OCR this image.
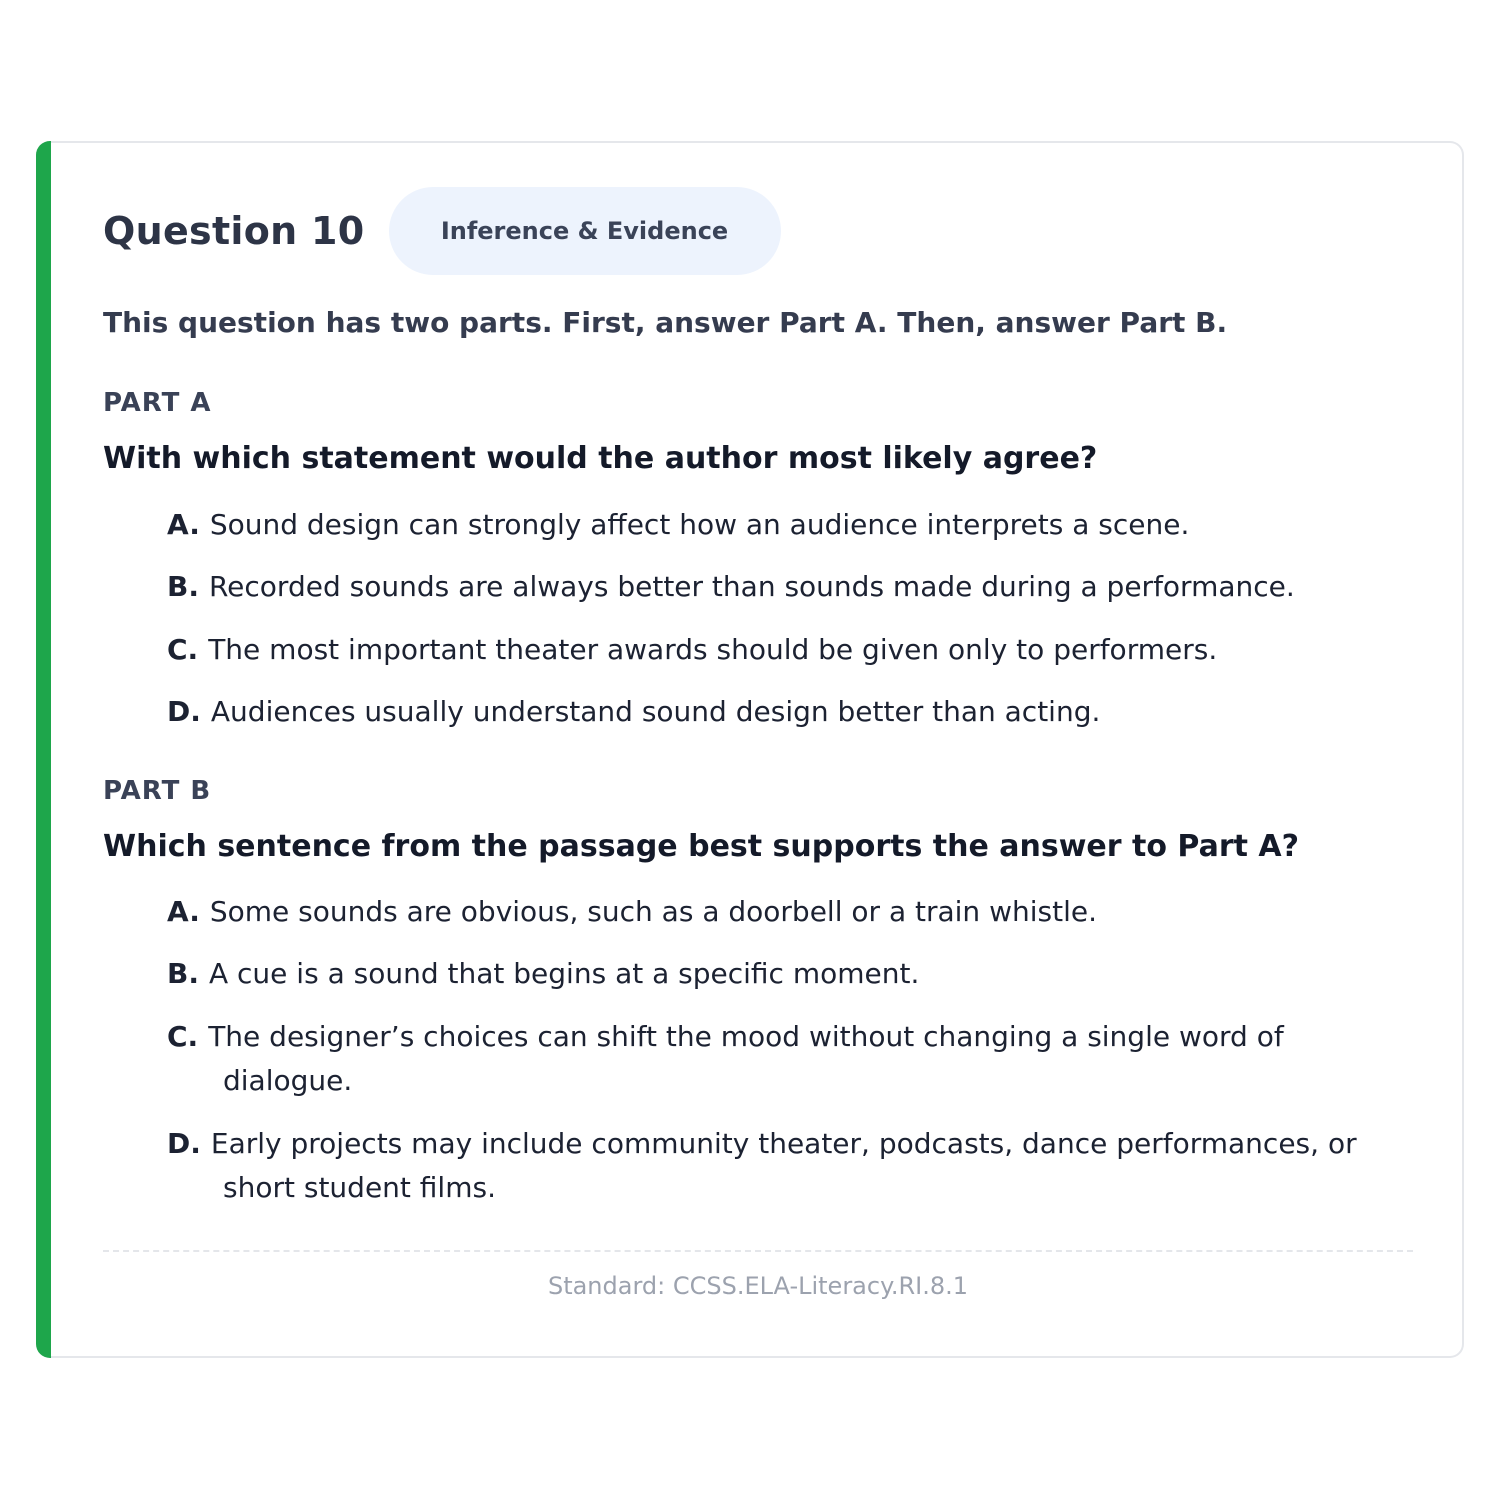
Question 10	Inference & Evidence
This question has two parts. First, answer Part A. Then, answer Part B.
PART A
With which statement would the author most likely agree?
A. Sound design can strongly affect how an audience interprets a scene.
B. Recorded sounds are always better than sounds made during a performance.
C. The most important theater awards should be given only to performers.
D. Audiences usually understand sound design better than acting.
PART B
Which sentence from the passage best supports the answer to Part A?
A. Some sounds are obvious, such as a doorbell or a train whistle.
B. A cue is a sound that begins at a specific moment.
C. The designer’s choices can shift the mood without changing a single word of dialogue.
D. Early projects may include community theater, podcasts, dance performances, or short student films.
Standard: CCSS.ELA-Literacy.RI.8.1
